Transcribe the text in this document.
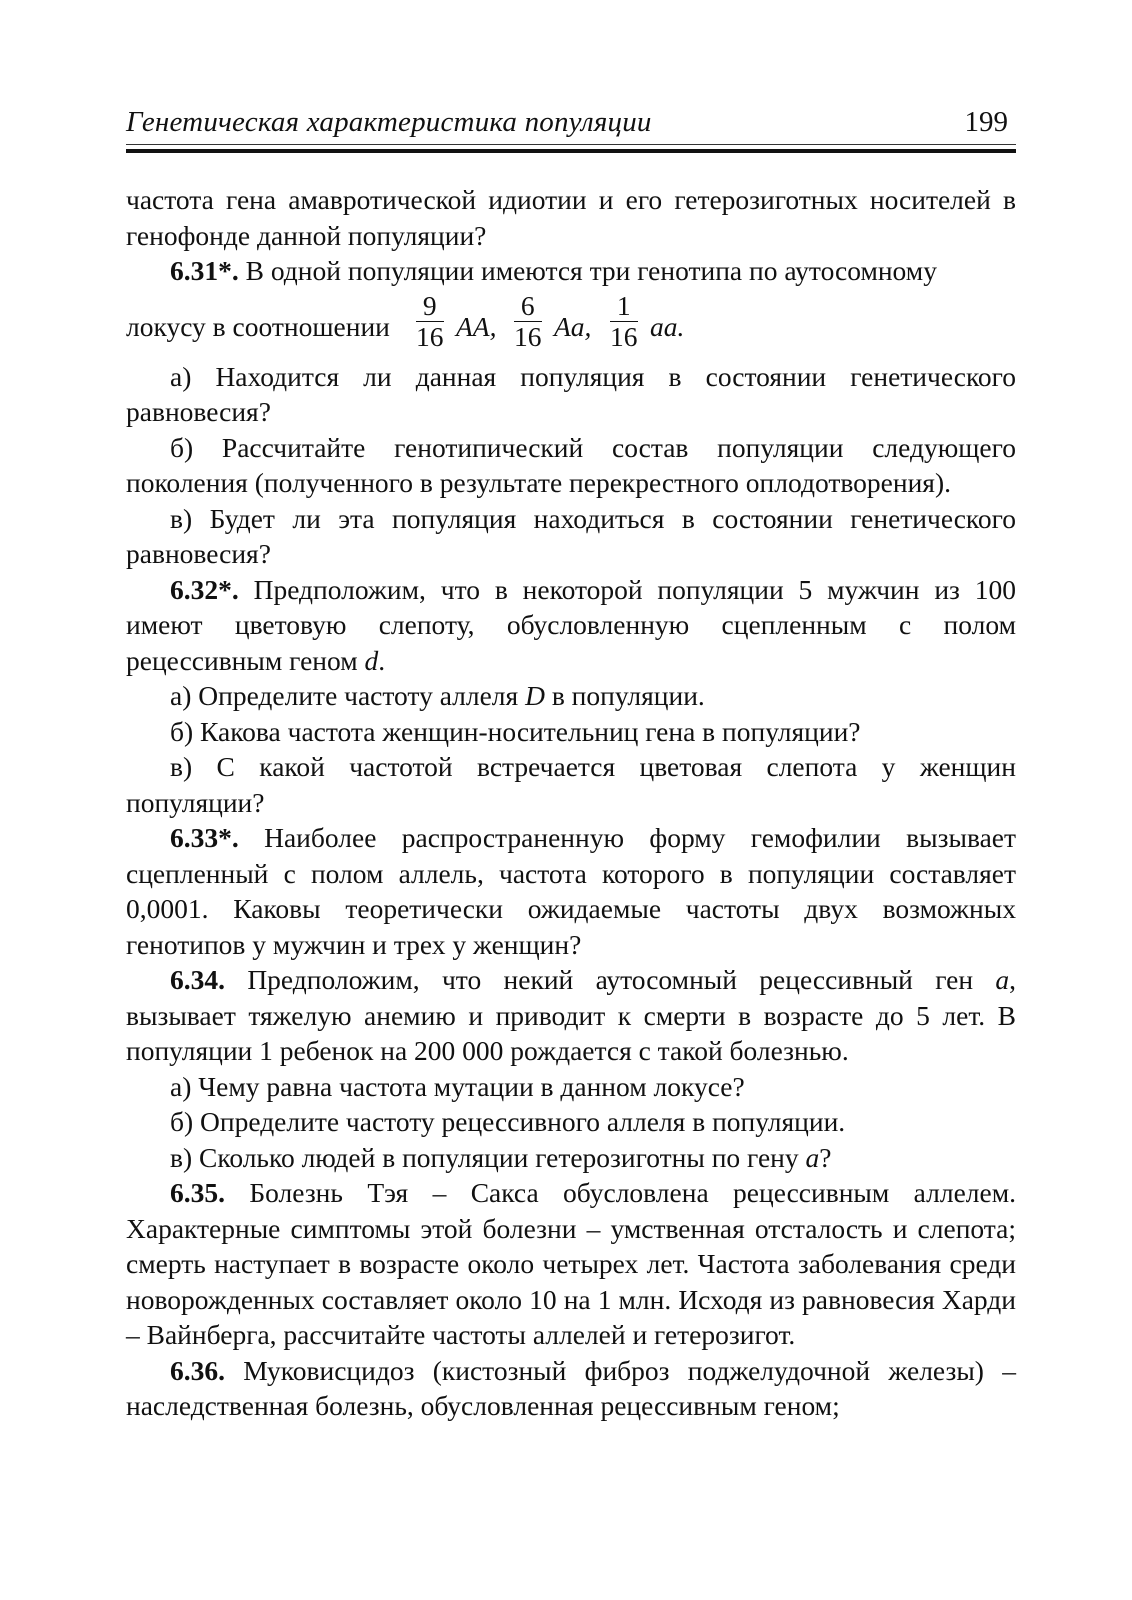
Генетическая характеристика популяции	199

частота гена амавротической идиотии и его гетерозиготных носителей в генофонде данной популяции?

6.31*. В одной популяции имеются три генотипа по аутосомному

локусу в соотношении $\frac{9}{16}$ AA, $\frac{6}{16} Aa$, $\frac{1}{16}$ aa.

а) Находится ли данная популяция в состоянии генетического равновесия?

б) Рассчитайте генотипический состав популяции следующего поколения (полученного в результате перекрестного оплодотворения).

в) Будет ли эта популяция находиться в состоянии генетического равновесия?

6.32*. Предположим, что в некоторой популяции 5 мужчин из 100 имеют цветовую слепоту, обусловленную сцепленным с полом рецессивным геном d.

а) Определите частоту аллеля D в популяции.

б) Какова частота женщин-носительниц гена в популяции?

в) С какой частотой встречается цветовая слепота у женщин популяции?

6.33*. Наиболее распространенную форму гемофилии вызывает сцепленный с полом аллель, частота которого в популяции составляет 0,0001. Каковы теоретически ожидаемые частоты двух возможных генотипов у мужчин и трех у женщин?

6.34. Предположим, что некий аутосомный рецессивный ген a, вызывает тяжелую анемию и приводит к смерти в возрасте до 5 лет. В популяции 1 ребенок на 200 000 рождается с такой болезнью.

а) Чему равна частота мутации в данном локусе?

б) Определите частоту рецессивного аллеля в популяции.

в) Сколько людей в популяции гетерозиготны по гену a?

6.35. Болезнь Тэя – Сакса обусловлена рецессивным аллелем. Характерные симптомы этой болезни – умственная отсталость и слепота; смерть наступает в возрасте около четырех лет. Частота заболевания среди новорожденных составляет около 10 на 1 млн. Исходя из равновесия Харди – Вайнберга, рассчитайте частоты аллелей и гетерозигот.

6.36. Муковисцидоз (кистозный фиброз поджелудочной железы) – наследственная болезнь, обусловленная рецессивным геном;
